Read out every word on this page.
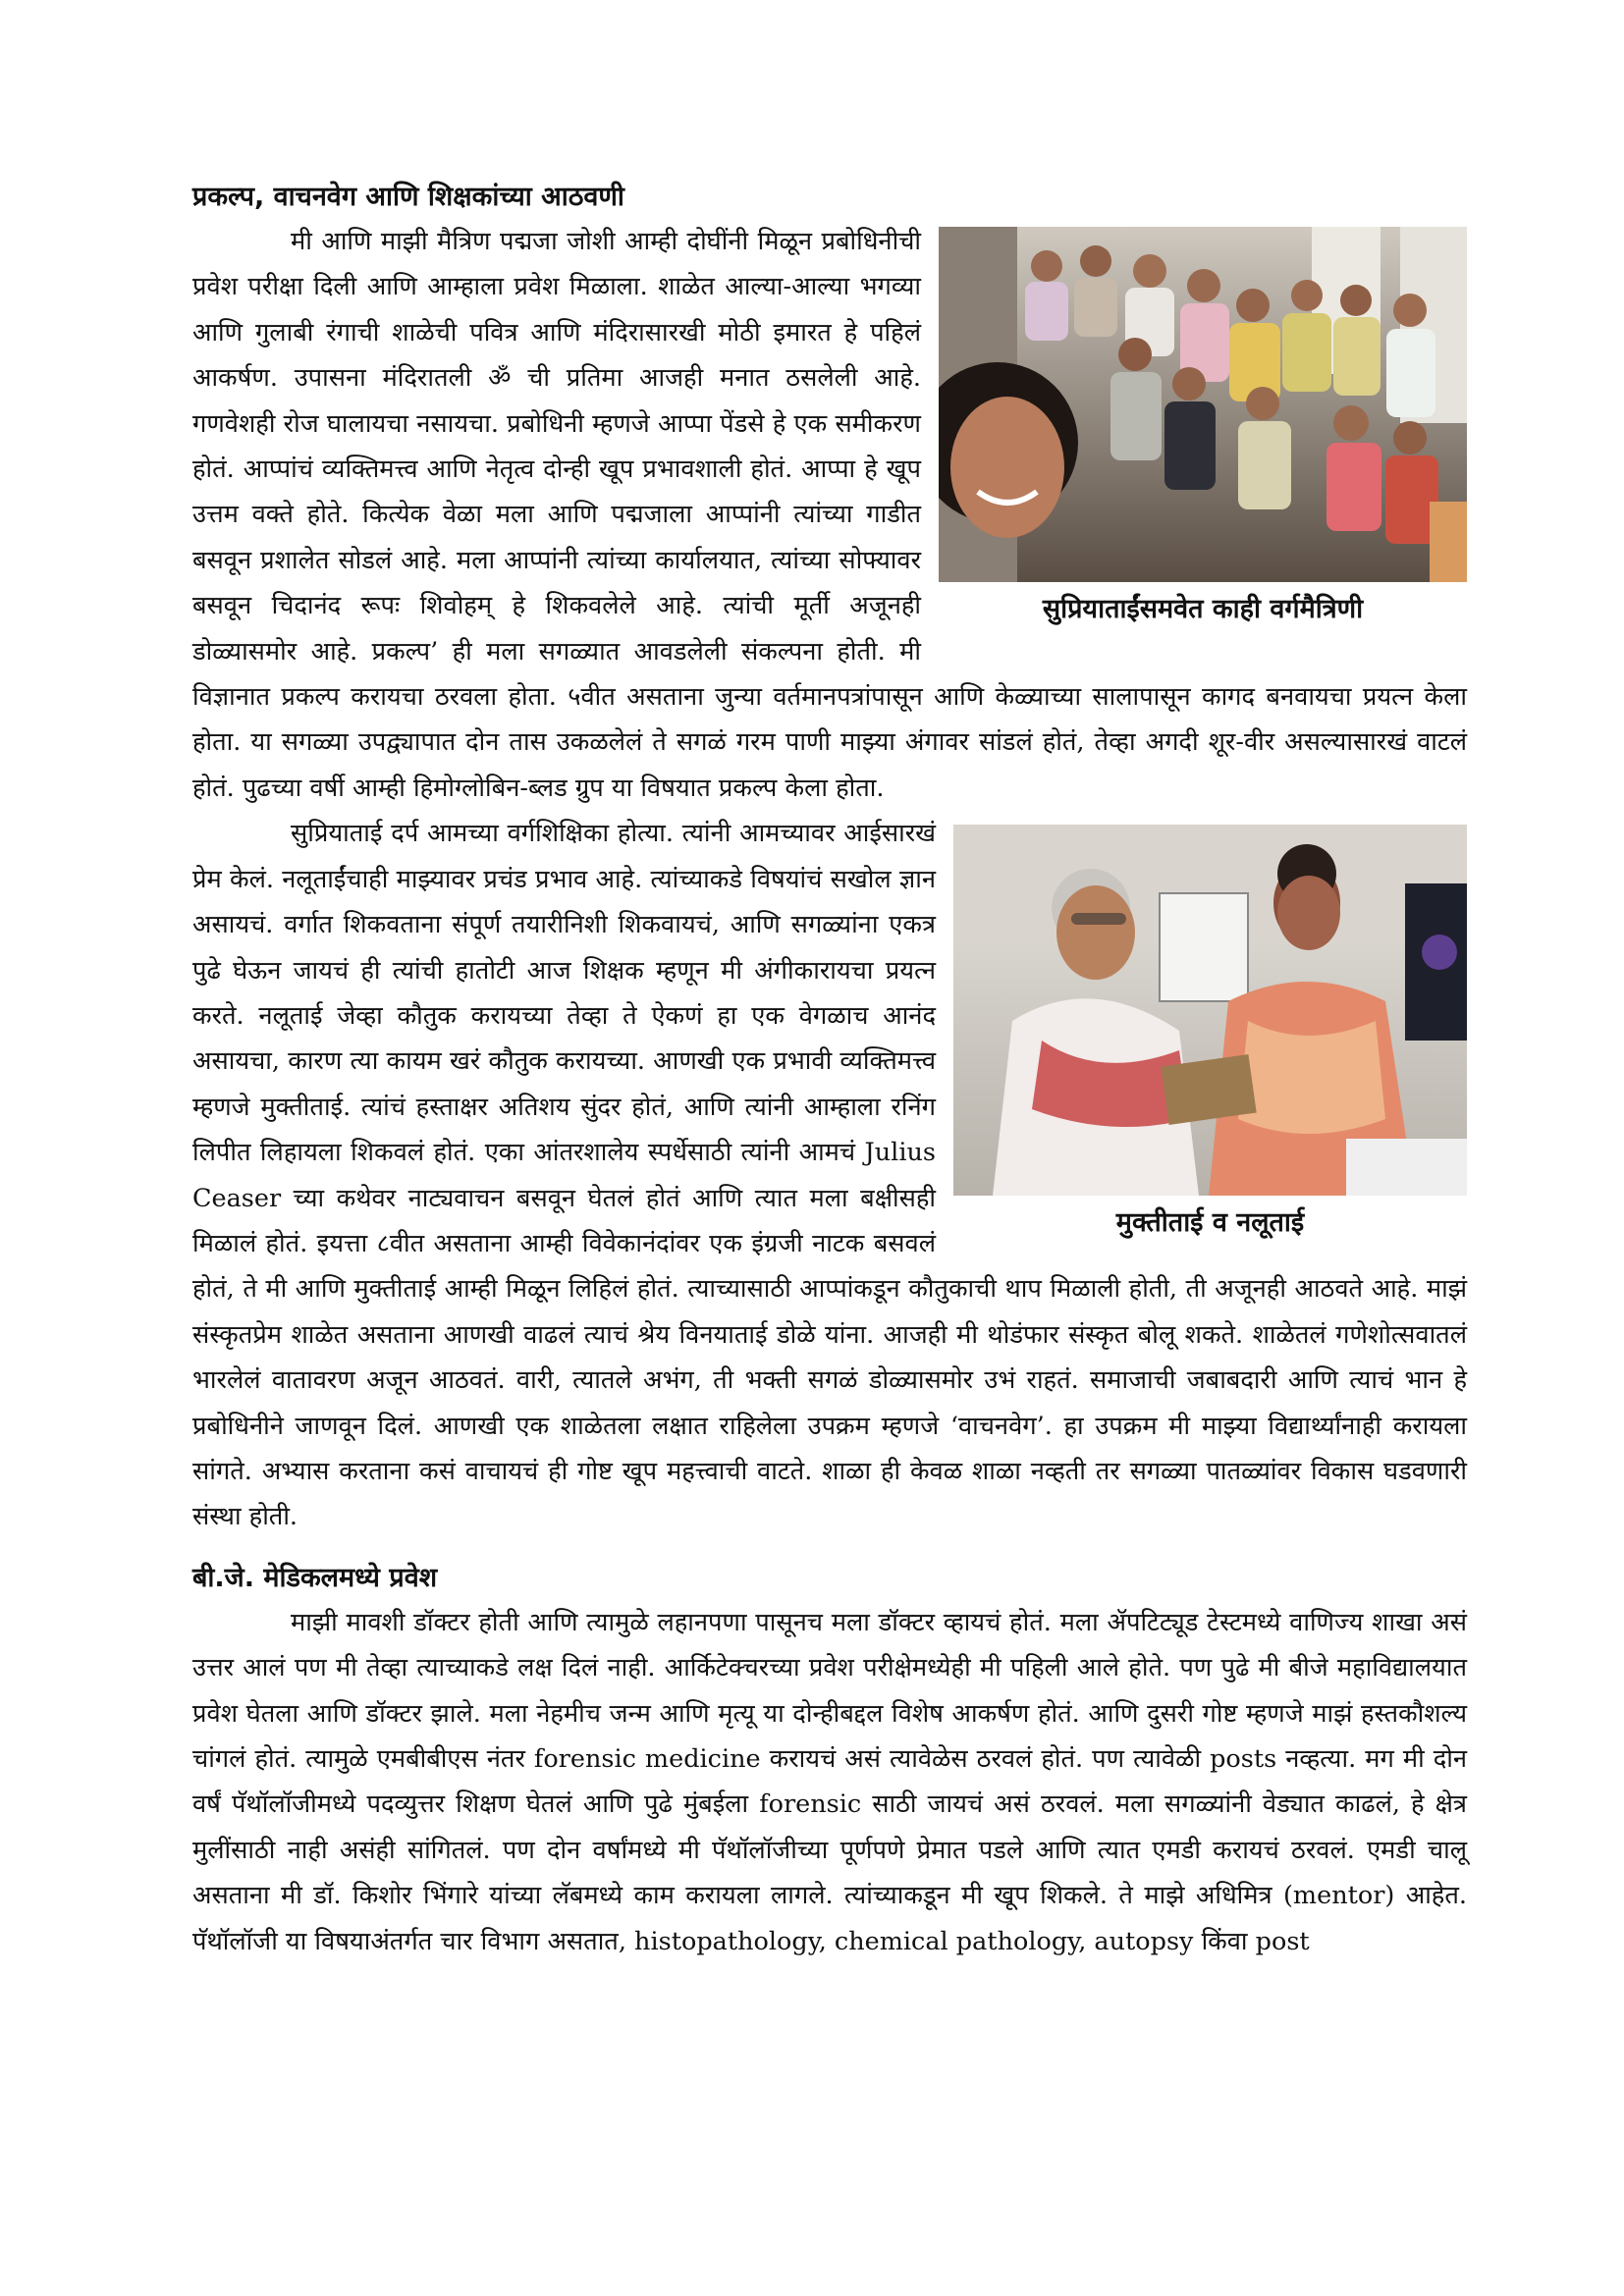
प्रकल्प, वाचनवेग आणि शिक्षकांच्या आठवणी
सुप्रियाताईंसमवेत काही वर्गमैत्रिणी

मी आणि माझी मैत्रिण पद्मजा जोशी आम्ही दोघींनी मिळून प्रबोधिनीची प्रवेश परीक्षा दिली आणि आम्हाला प्रवेश मिळाला. शाळेत आल्या-आल्या भगव्या आणि गुलाबी रंगाची शाळेची पवित्र आणि मंदिरासारखी मोठी इमारत हे पहिलं आकर्षण. उपासना मंदिरातली ॐ ची प्रतिमा आजही मनात ठसलेली आहे. गणवेशही रोज घालायचा नसायचा. प्रबोधिनी म्हणजे आप्पा पेंडसे हे एक समीकरण होतं. आप्पांचं व्यक्तिमत्त्व आणि नेतृत्व दोन्ही खूप प्रभावशाली होतं. आप्पा हे खूप उत्तम वक्ते होते. कित्येक वेळा मला आणि पद्मजाला आप्पांनी त्यांच्या गाडीत बसवून प्रशालेत सोडलं आहे. मला आप्पांनी त्यांच्या कार्यालयात, त्यांच्या सोफ्यावर बसवून चिदानंद रूपः शिवोहम् हे शिकवलेले आहे. त्यांची मूर्ती अजूनही डोळ्यासमोर आहे. प्रकल्प’ ही मला सगळ्यात आवडलेली संकल्पना होती. मी विज्ञानात प्रकल्प करायचा ठरवला होता. ५वीत असताना जुन्या वर्तमानपत्रांपासून आणि केळ्याच्या सालापासून कागद बनवायचा प्रयत्न केला होता. या सगळ्या उपद्व्यापात दोन तास उकळलेलं ते सगळं गरम पाणी माझ्या अंगावर सांडलं होतं, तेव्हा अगदी शूर-वीर असल्यासारखं वाटलं होतं. पुढच्या वर्षी आम्ही हिमोग्लोबिन-ब्लड ग्रुप या विषयात प्रकल्प केला होता.

मुक्तीताई व नलूताई

सुप्रियाताई दर्प आमच्या वर्गशिक्षिका होत्या. त्यांनी आमच्यावर आईसारखं प्रेम केलं. नलूताईंचाही माझ्यावर प्रचंड प्रभाव आहे. त्यांच्याकडे विषयांचं सखोल ज्ञान असायचं. वर्गात शिकवताना संपूर्ण तयारीनिशी शिकवायचं, आणि सगळ्यांना एकत्र पुढे घेऊन जायचं ही त्यांची हातोटी आज शिक्षक म्हणून मी अंगीकारायचा प्रयत्न करते. नलूताई जेव्हा कौतुक करायच्या तेव्हा ते ऐकणं हा एक वेगळाच आनंद असायचा, कारण त्या कायम खरं कौतुक करायच्या. आणखी एक प्रभावी व्यक्तिमत्त्व म्हणजे मुक्तीताई. त्यांचं हस्ताक्षर अतिशय सुंदर होतं, आणि त्यांनी आम्हाला रनिंग लिपीत लिहायला शिकवलं होतं. एका आंतरशालेय स्पर्धेसाठी त्यांनी आमचं Julius Ceaser च्या कथेवर नाट्यवाचन बसवून घेतलं होतं आणि त्यात मला बक्षीसही मिळालं होतं. इयत्ता ८वीत असताना आम्ही विवेकानंदांवर एक इंग्रजी नाटक बसवलं होतं, ते मी आणि मुक्तीताई आम्ही मिळून लिहिलं होतं. त्याच्यासाठी आप्पांकडून कौतुकाची थाप मिळाली होती, ती अजूनही आठवते आहे. माझं संस्कृतप्रेम शाळेत असताना आणखी वाढलं त्याचं श्रेय विनयाताई डोळे यांना. आजही मी थोडंफार संस्कृत बोलू शकते. शाळेतलं गणेशोत्सवातलं भारलेलं वातावरण अजून आठवतं. वारी, त्यातले अभंग, ती भक्ती सगळं डोळ्यासमोर उभं राहतं. समाजाची जबाबदारी आणि त्याचं भान हे प्रबोधिनीने जाणवून दिलं. आणखी एक शाळेतला लक्षात राहिलेला उपक्रम म्हणजे ‘वाचनवेग’. हा उपक्रम मी माझ्या विद्यार्थ्यांनाही करायला सांगते. अभ्यास करताना कसं वाचायचं ही गोष्ट खूप महत्त्वाची वाटते. शाळा ही केवळ शाळा नव्हती तर सगळ्या पातळ्यांवर विकास घडवणारी संस्था होती.

बी.जे. मेडिकलमध्ये प्रवेश

माझी मावशी डॉक्टर होती आणि त्यामुळे लहानपणा पासूनच मला डॉक्टर व्हायचं होतं. मला ॲपटिट्यूड टेस्टमध्ये वाणिज्य शाखा असं उत्तर आलं पण मी तेव्हा त्याच्याकडे लक्ष दिलं नाही. आर्किटेक्चरच्या प्रवेश परीक्षेमध्येही मी पहिली आले होते. पण पुढे मी बीजे महाविद्यालयात प्रवेश घेतला आणि डॉक्टर झाले. मला नेहमीच जन्म आणि मृत्यू या दोन्हीबद्दल विशेष आकर्षण होतं. आणि दुसरी गोष्ट म्हणजे माझं हस्तकौशल्य चांगलं होतं. त्यामुळे एमबीबीएस नंतर forensic medicine करायचं असं त्यावेळेस ठरवलं होतं. पण त्यावेळी posts नव्हत्या. मग मी दोन वर्षं पॅथॉलॉजीमध्ये पदव्युत्तर शिक्षण घेतलं आणि पुढे मुंबईला forensic साठी जायचं असं ठरवलं. मला सगळ्यांनी वेड्यात काढलं, हे क्षेत्र मुलींसाठी नाही असंही सांगितलं. पण दोन वर्षांमध्ये मी पॅथॉलॉजीच्या पूर्णपणे प्रेमात पडले आणि त्यात एमडी करायचं ठरवलं. एमडी चालू असताना मी डॉ. किशोर भिंगारे यांच्या लॅबमध्ये काम करायला लागले. त्यांच्याकडून मी खूप शिकले. ते माझे अधिमित्र (mentor) आहेत. पॅथॉलॉजी या विषयाअंतर्गत चार विभाग असतात, histopathology, chemical pathology, autopsy किंवा post
